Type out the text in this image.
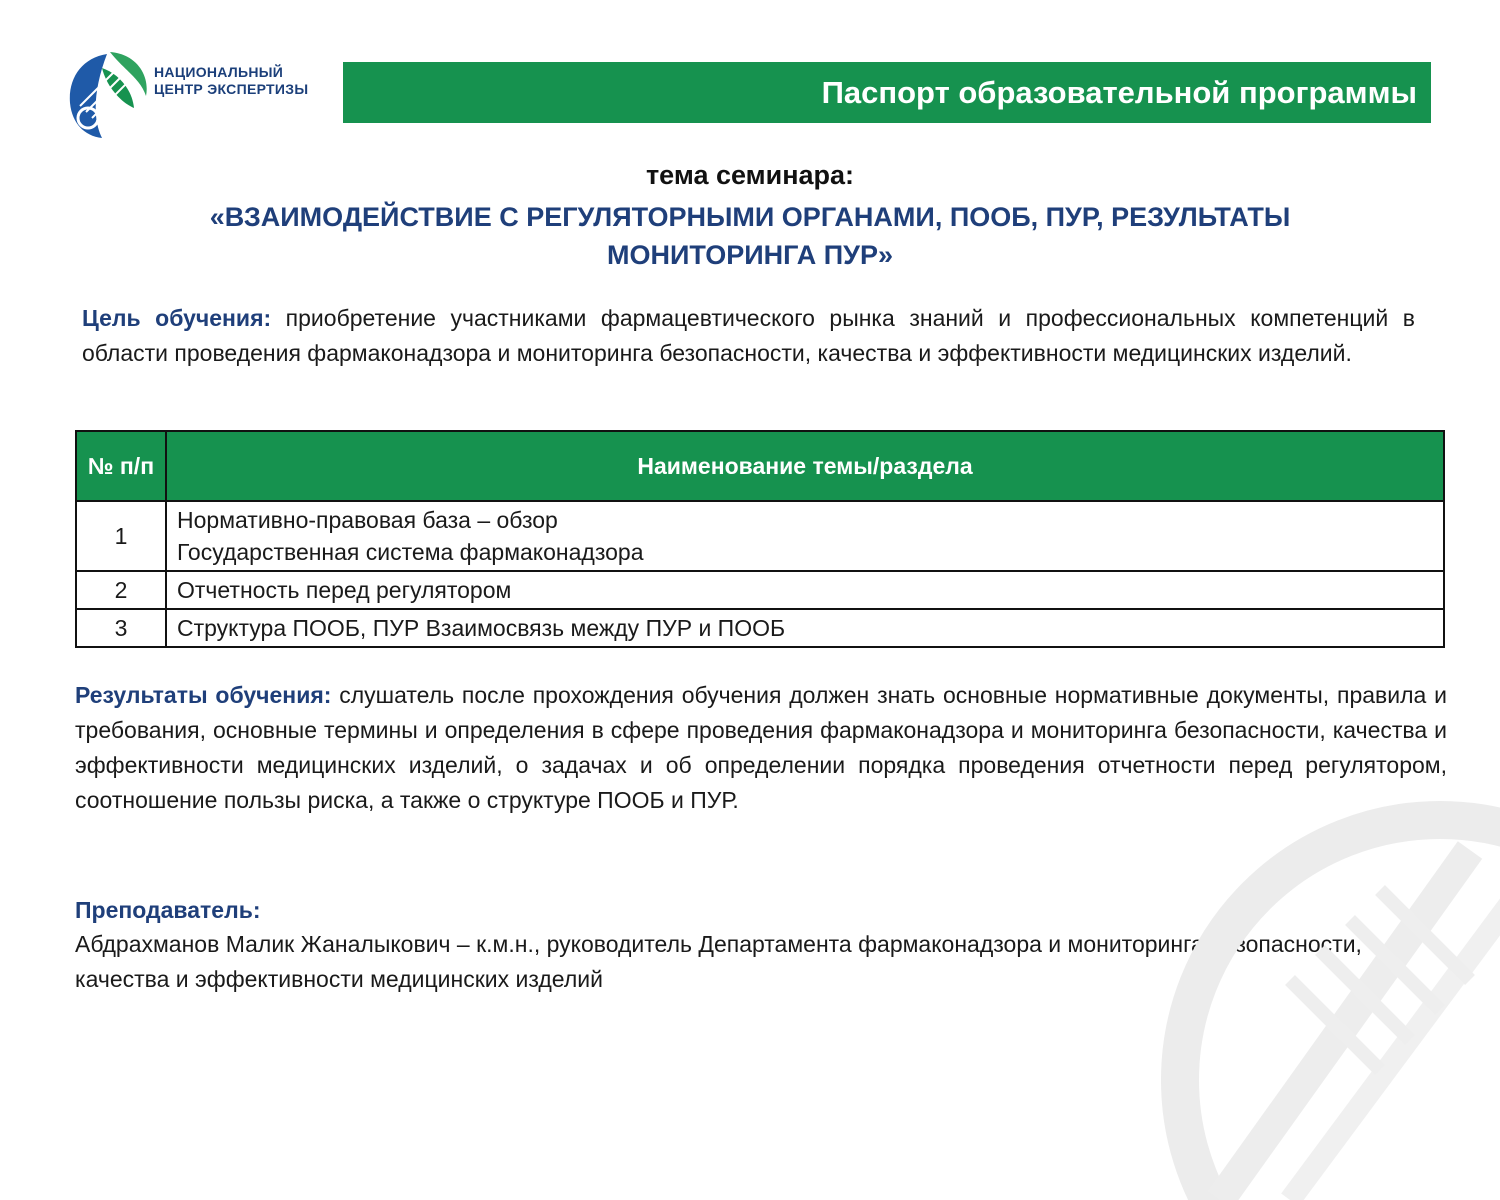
НАЦИОНАЛЬНЫЙ
ЦЕНТР ЭКСПЕРТИЗЫ	Паспорт образовательной программы
тема семинара:
«ВЗАИМОДЕЙСТВИЕ С РЕГУЛЯТОРНЫМИ ОРГАНАМИ, ПООБ, ПУР, РЕЗУЛЬТАТЫ МОНИТОРИНГА ПУР»
Цель обучения: приобретение участниками фармацевтического рынка знаний и профессиональных компетенций в области проведения фармаконадзора и мониторинга безопасности, качества и эффективности медицинских изделий.
№ п/п	Наименование темы/раздела
1	Нормативно-правовая база – обзор
Государственная система фармаконадзора

2	Отчетность перед регулятором
3	Структура ПООБ, ПУР Взаимосвязь между ПУР и ПООБ
Результаты обучения: слушатель после прохождения обучения должен знать основные нормативные документы, правила и требования, основные термины и определения в сфере проведения фармаконадзора и мониторинга безопасности, качества и эффективности медицинских изделий, о задачах и об определении порядка проведения отчетности перед регулятором, соотношение пользы риска, а также о структуре ПООБ и ПУР.
Преподаватель:
Абдрахманов Малик Жаналыкович – к.м.н., руководитель Департамента фармаконадзора и мониторинга безопасности, качества и эффективности медицинских изделий
